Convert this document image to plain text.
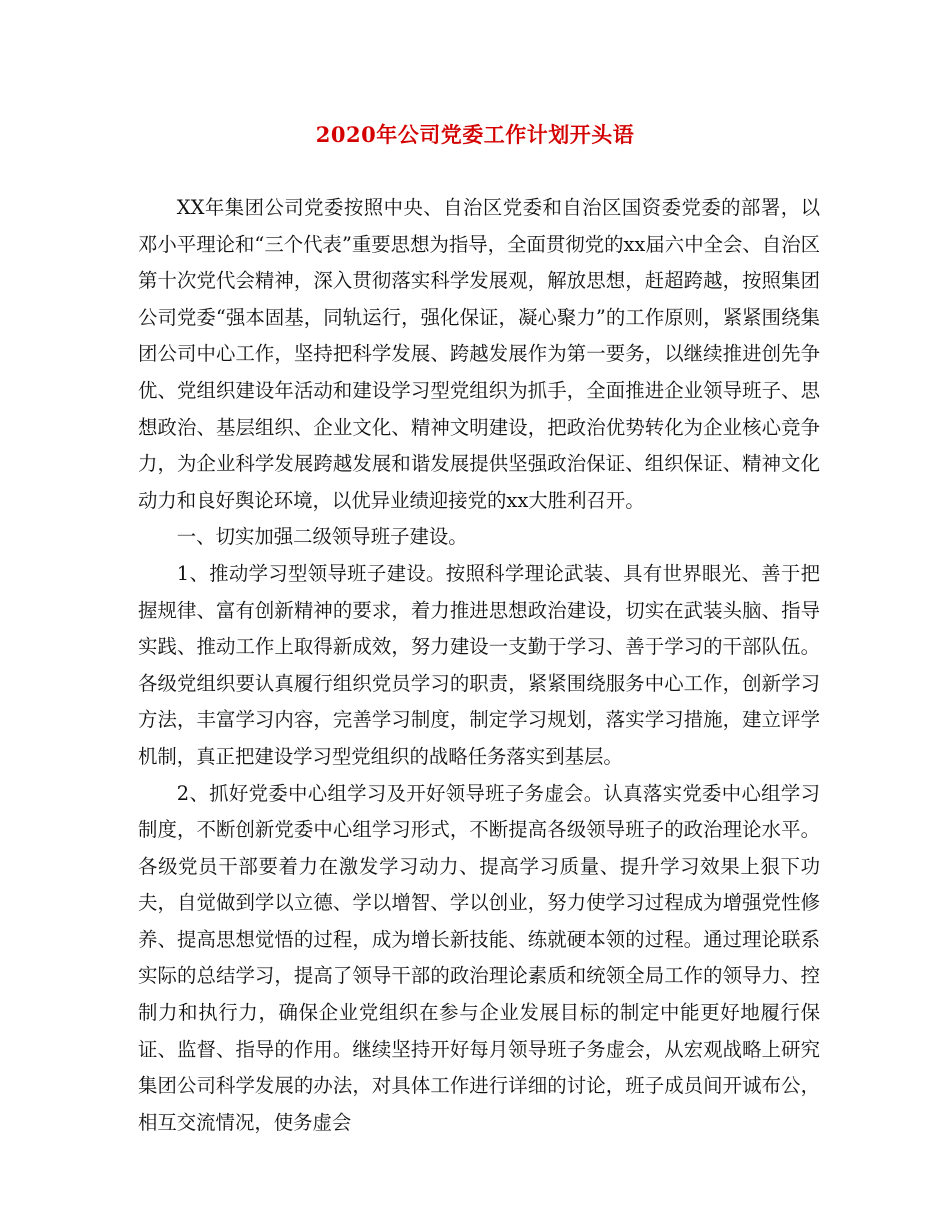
2020年公司党委工作计划开头语

XX年集团公司党委按照中央、自治区党委和自治区国资委党委的部署，以邓小平理论和“三个代表”重要思想为指导，全面贯彻党的xx届六中全会、自治区第十次党代会精神，深入贯彻落实科学发展观，解放思想，赶超跨越，按照集团公司党委“强本固基，同轨运行，强化保证，凝心聚力”的工作原则，紧紧围绕集团公司中心工作，坚持把科学发展、跨越发展作为第一要务，以继续推进创先争优、党组织建设年活动和建设学习型党组织为抓手，全面推进企业领导班子、思想政治、基层组织、企业文化、精神文明建设，把政治优势转化为企业核心竞争力，为企业科学发展跨越发展和谐发展提供坚强政治保证、组织保证、精神文化动力和良好舆论环境，以优异业绩迎接党的xx大胜利召开。

一、切实加强二级领导班子建设。

1、推动学习型领导班子建设。按照科学理论武装、具有世界眼光、善于把握规律、富有创新精神的要求，着力推进思想政治建设，切实在武装头脑、指导实践、推动工作上取得新成效，努力建设一支勤于学习、善于学习的干部队伍。各级党组织要认真履行组织党员学习的职责，紧紧围绕服务中心工作，创新学习方法，丰富学习内容，完善学习制度，制定学习规划，落实学习措施，建立评学机制，真正把建设学习型党组织的战略任务落实到基层。

2、抓好党委中心组学习及开好领导班子务虚会。认真落实党委中心组学习制度，不断创新党委中心组学习形式，不断提高各级领导班子的政治理论水平。各级党员干部要着力在激发学习动力、提高学习质量、提升学习效果上狠下功夫，自觉做到学以立德、学以增智、学以创业，努力使学习过程成为增强党性修养、提高思想觉悟的过程，成为增长新技能、练就硬本领的过程。通过理论联系实际的总结学习，提高了领导干部的政治理论素质和统领全局工作的领导力、控制力和执行力，确保企业党组织在参与企业发展目标的制定中能更好地履行保证、监督、指导的作用。继续坚持开好每月领导班子务虚会，从宏观战略上研究集团公司科学发展的办法，对具体工作进行详细的讨论，班子成员间开诚布公，相互交流情况，使务虚会
